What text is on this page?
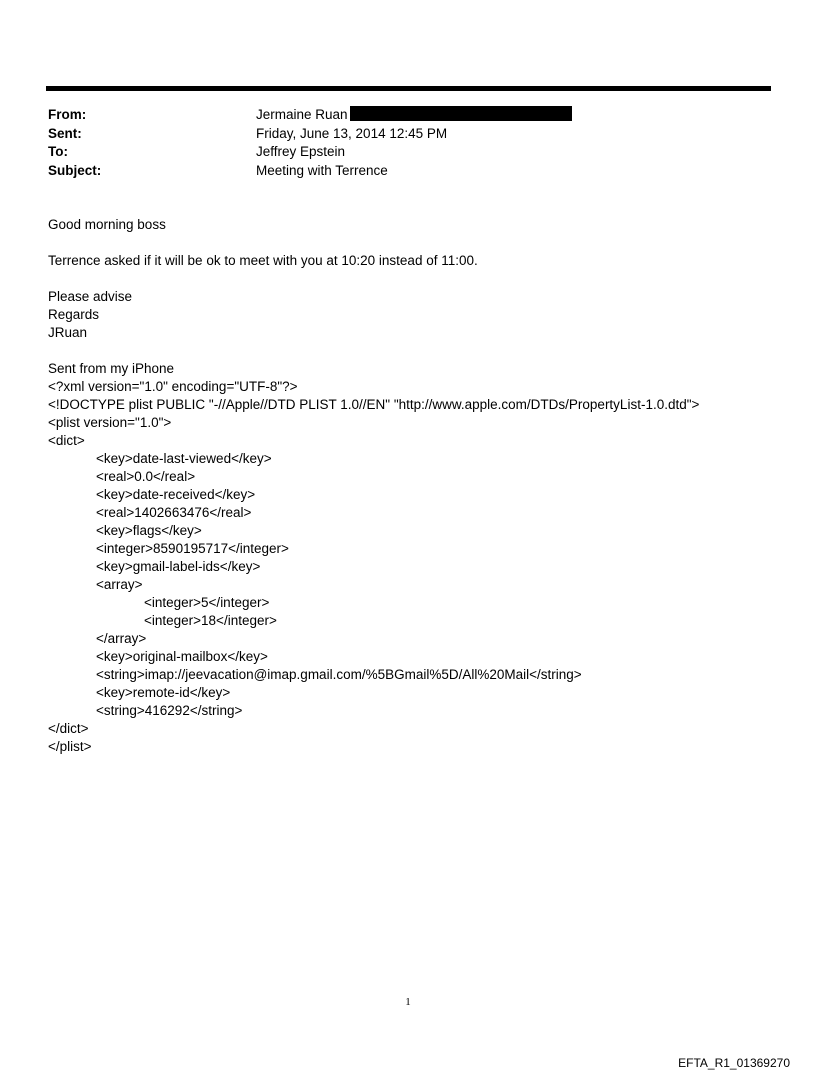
From:	Jermaine Ruan
Sent:	Friday, June 13, 2014 12:45 PM
To:	Jeffrey Epstein
Subject:	Meeting with Terrence
Good morning boss
Terrence asked if it will be ok to meet with you at 10:20 instead of 11:00.
Please advise
Regards
JRuan
Sent from my iPhone
<?xml version="1.0" encoding="UTF-8"?>
<!DOCTYPE plist PUBLIC "-//Apple//DTD PLIST 1.0//EN" "http://www.apple.com/DTDs/PropertyList-1.0.dtd">
<plist version="1.0">
<dict>
<key>date-last-viewed</key>
<real>0.0</real>
<key>date-received</key>
<real>1402663476</real>
<key>flags</key>
<integer>8590195717</integer>
<key>gmail-label-ids</key>
<array>
<integer>5</integer>
<integer>18</integer>
</array>
<key>original-mailbox</key>
<string>imap://jeevacation@imap.gmail.com/%5BGmail%5D/All%20Mail</string>
<key>remote-id</key>
<string>416292</string>
</dict>
</plist>
1
EFTA_R1_01369270
